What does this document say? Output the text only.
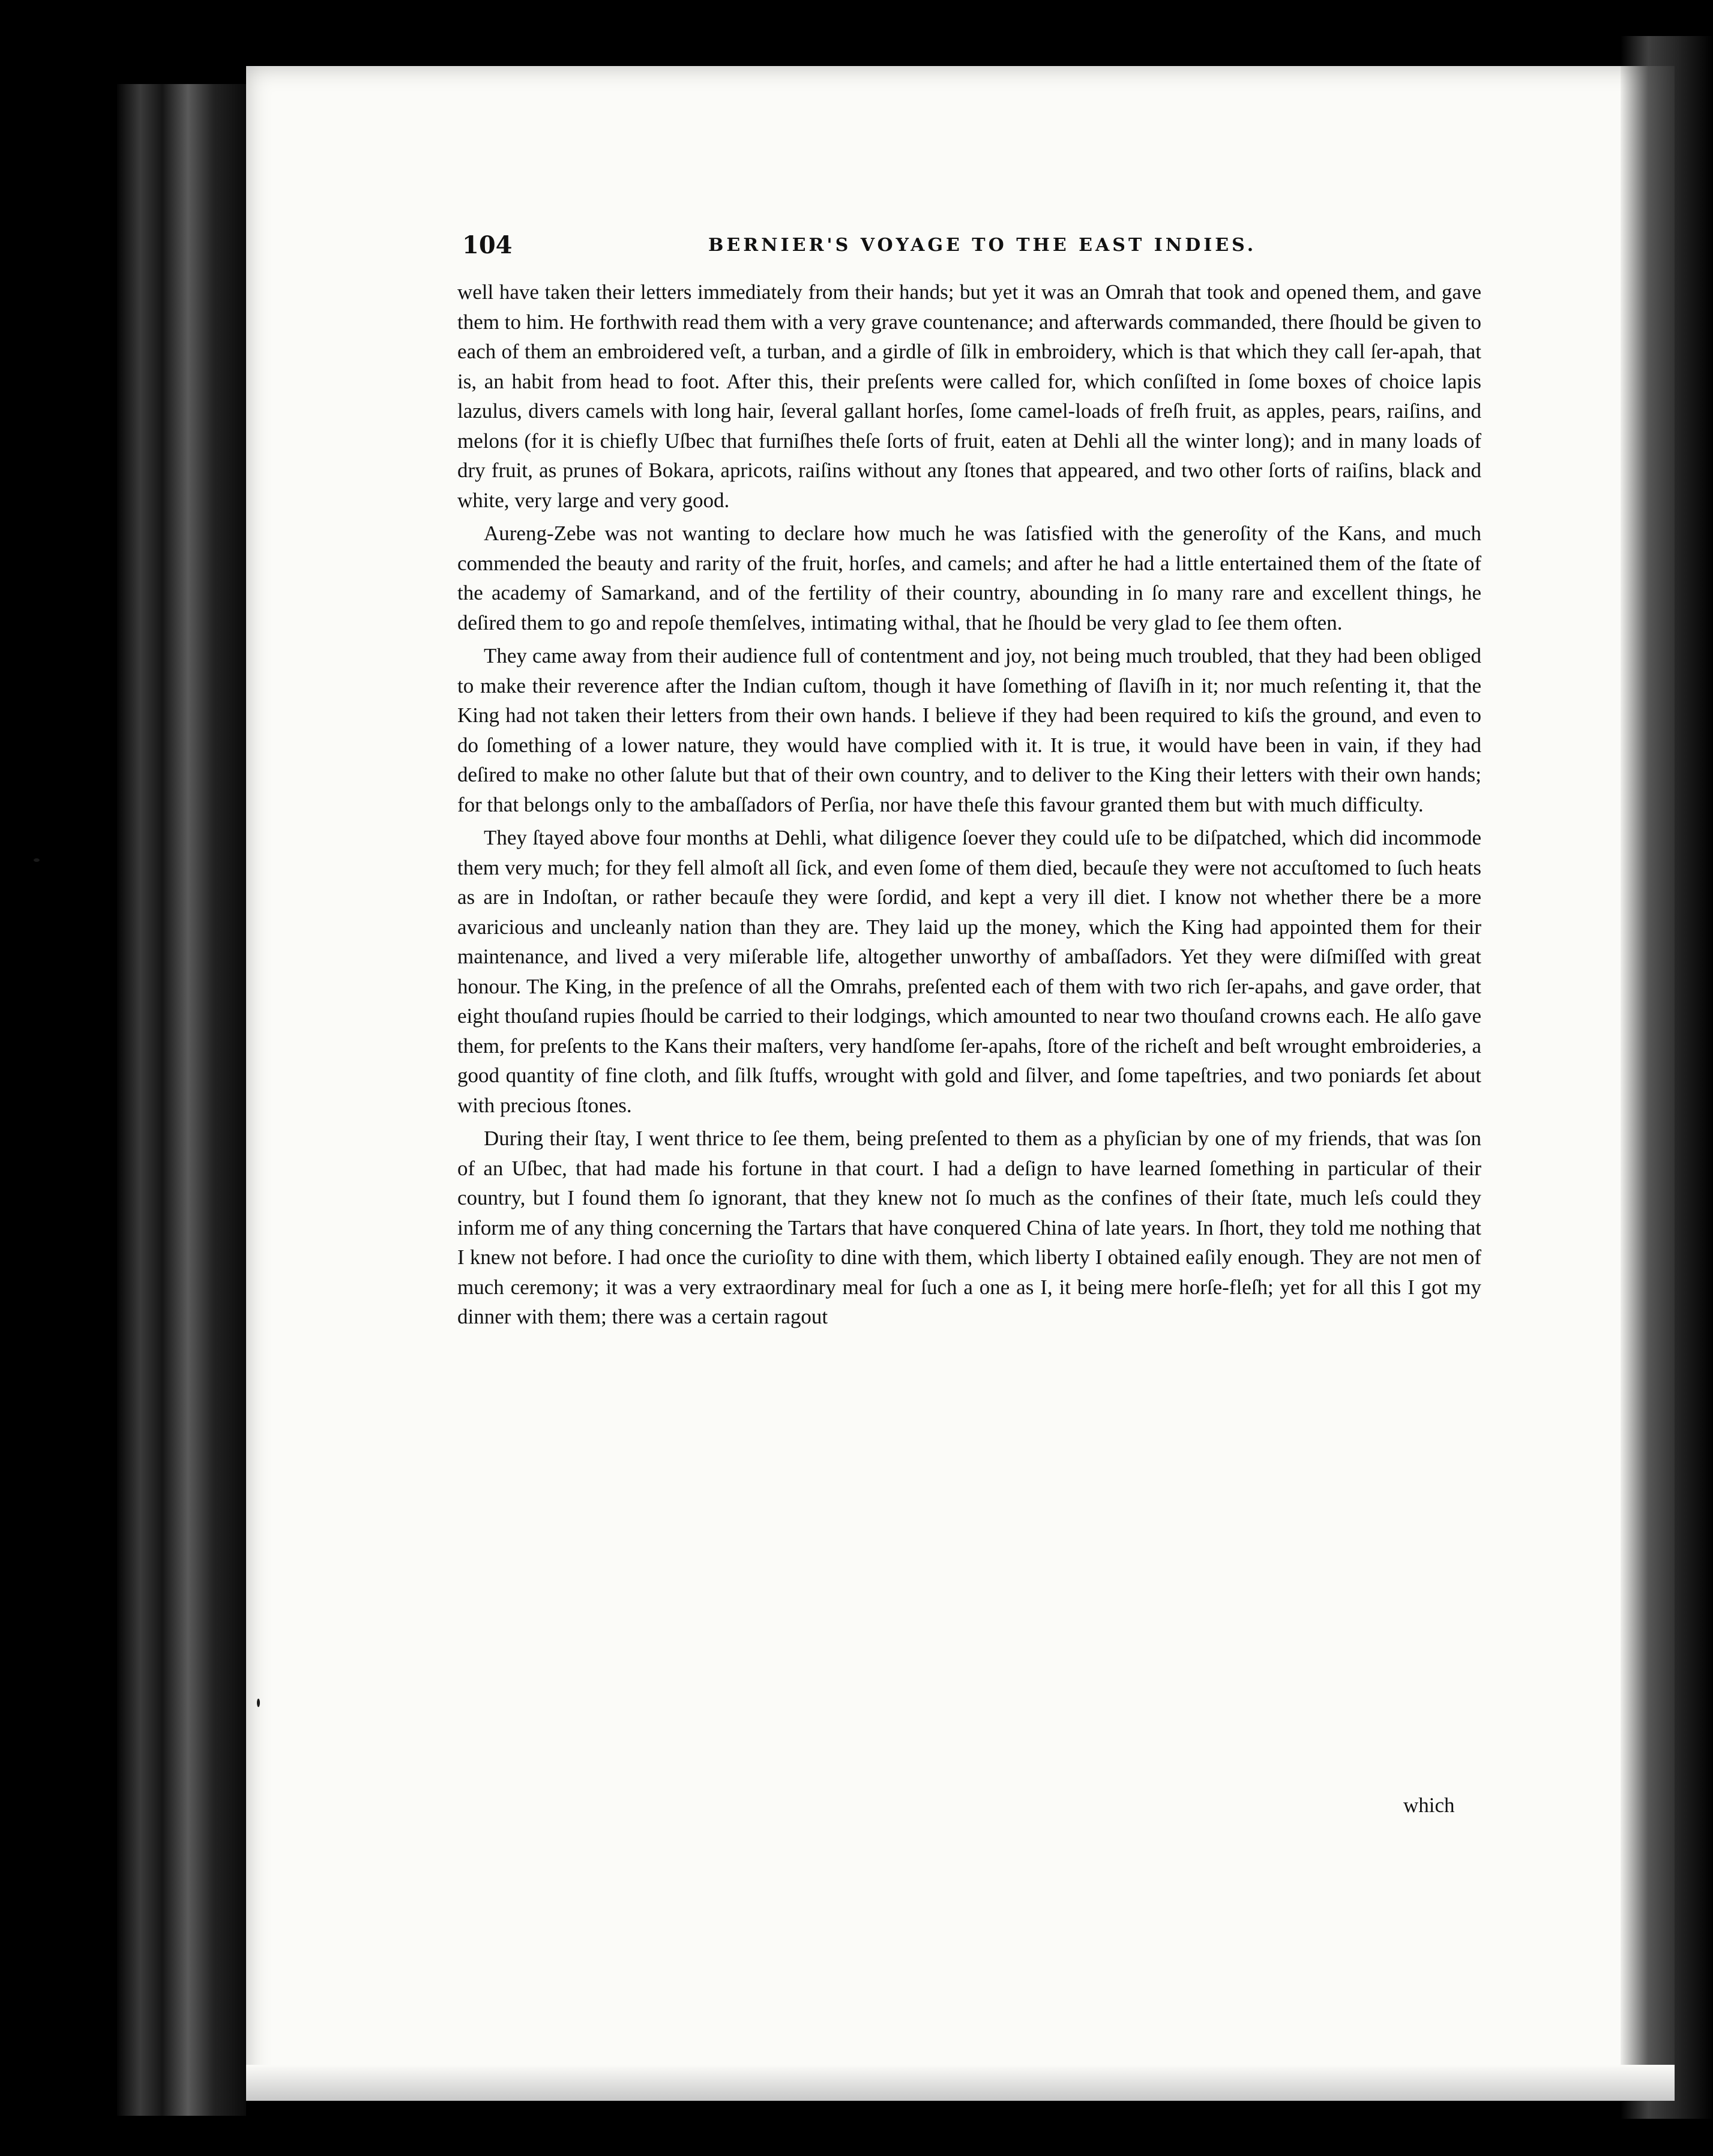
104	BERNIER'S VOYAGE TO THE EAST INDIES.

well have taken their letters immediately from their hands; but yet it was an Omrah that took and opened them, and gave them to him. He forthwith read them with a very grave countenance; and afterwards commanded, there ſhould be given to each of them an embroidered veſt, a turban, and a girdle of ſilk in embroidery, which is that which they call ſer-apah, that is, an habit from head to foot. After this, their preſents were called for, which conſiſted in ſome boxes of choice lapis lazulus, divers camels with long hair, ſeveral gallant horſes, ſome camel-loads of freſh fruit, as apples, pears, raiſins, and melons (for it is chiefly Uſbec that furniſhes theſe ſorts of fruit, eaten at Dehli all the winter long); and in many loads of dry fruit, as prunes of Bokara, apricots, raiſins without any ſtones that appeared, and two other ſorts of raiſins, black and white, very large and very good.

Aureng-Zebe was not wanting to declare how much he was ſatisfied with the generoſity of the Kans, and much commended the beauty and rarity of the fruit, horſes, and camels; and after he had a little entertained them of the ſtate of the academy of Samarkand, and of the fertility of their country, abounding in ſo many rare and excellent things, he deſired them to go and repoſe themſelves, intimating withal, that he ſhould be very glad to ſee them often.

They came away from their audience full of contentment and joy, not being much troubled, that they had been obliged to make their reverence after the Indian cuſtom, though it have ſomething of ſlaviſh in it; nor much reſenting it, that the King had not taken their letters from their own hands. I believe if they had been required to kiſs the ground, and even to do ſomething of a lower nature, they would have complied with it. It is true, it would have been in vain, if they had deſired to make no other ſalute but that of their own country, and to deliver to the King their letters with their own hands; for that belongs only to the ambaſſadors of Perſia, nor have theſe this favour granted them but with much difficulty.

They ſtayed above four months at Dehli, what diligence ſoever they could uſe to be diſpatched, which did incommode them very much; for they fell almoſt all ſick, and even ſome of them died, becauſe they were not accuſtomed to ſuch heats as are in Indoſtan, or rather becauſe they were ſordid, and kept a very ill diet. I know not whether there be a more avaricious and uncleanly nation than they are. They laid up the money, which the King had appointed them for their maintenance, and lived a very miſerable life, altogether unworthy of ambaſſadors. Yet they were diſmiſſed with great honour. The King, in the preſence of all the Omrahs, preſented each of them with two rich ſer-apahs, and gave order, that eight thouſand rupies ſhould be carried to their lodgings, which amounted to near two thouſand crowns each. He alſo gave them, for preſents to the Kans their maſters, very handſome ſer-apahs, ſtore of the richeſt and beſt wrought embroideries, a good quantity of fine cloth, and ſilk ſtuffs, wrought with gold and ſilver, and ſome tapeſtries, and two poniards ſet about with precious ſtones.

During their ſtay, I went thrice to ſee them, being preſented to them as a phyſician by one of my friends, that was ſon of an Uſbec, that had made his fortune in that court. I had a deſign to have learned ſomething in particular of their country, but I found them ſo ignorant, that they knew not ſo much as the confines of their ſtate, much leſs could they inform me of any thing concerning the Tartars that have conquered China of late years. In ſhort, they told me nothing that I knew not before. I had once the curioſity to dine with them, which liberty I obtained eaſily enough. They are not men of much ceremony; it was a very extraordinary meal for ſuch a one as I, it being mere horſe-fleſh; yet for all this I got my dinner with them; there was a certain ragout

which
